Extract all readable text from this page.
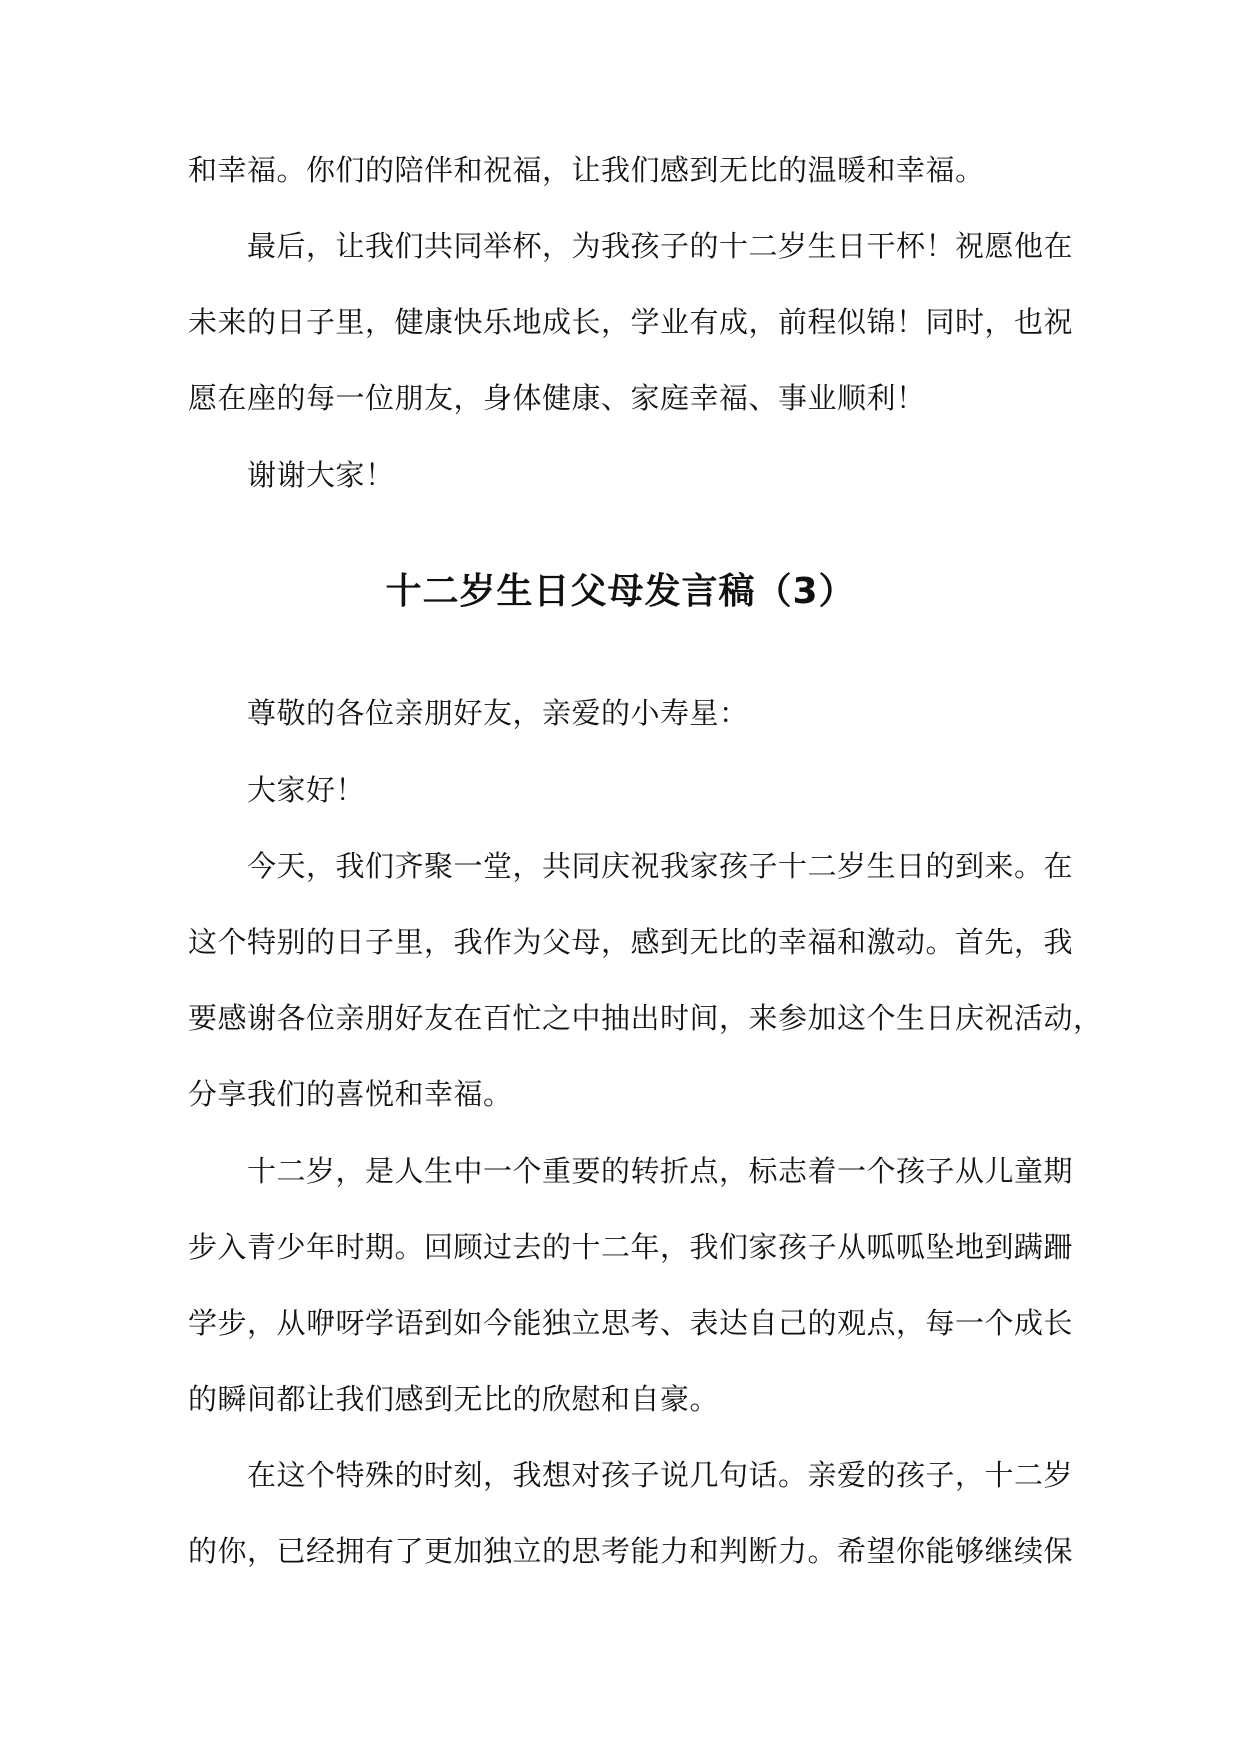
和幸福。你们的陪伴和祝福，让我们感到无比的温暖和幸福。
最后，让我们共同举杯，为我孩子的十二岁生日干杯！祝愿他在
未来的日子里，健康快乐地成长，学业有成，前程似锦！同时，也祝
愿在座的每一位朋友，身体健康、家庭幸福、事业顺利！
谢谢大家！
十二岁生日父母发言稿（3）
尊敬的各位亲朋好友，亲爱的小寿星：
大家好！
今天，我们齐聚一堂，共同庆祝我家孩子十二岁生日的到来。在
这个特别的日子里，我作为父母，感到无比的幸福和激动。首先，我
要感谢各位亲朋好友在百忙之中抽出时间，来参加这个生日庆祝活动，
分享我们的喜悦和幸福。
十二岁，是人生中一个重要的转折点，标志着一个孩子从儿童期
步入青少年时期。回顾过去的十二年，我们家孩子从呱呱坠地到蹒跚
学步，从咿呀学语到如今能独立思考、表达自己的观点，每一个成长
的瞬间都让我们感到无比的欣慰和自豪。
在这个特殊的时刻，我想对孩子说几句话。亲爱的孩子，十二岁
的你，已经拥有了更加独立的思考能力和判断力。希望你能够继续保
